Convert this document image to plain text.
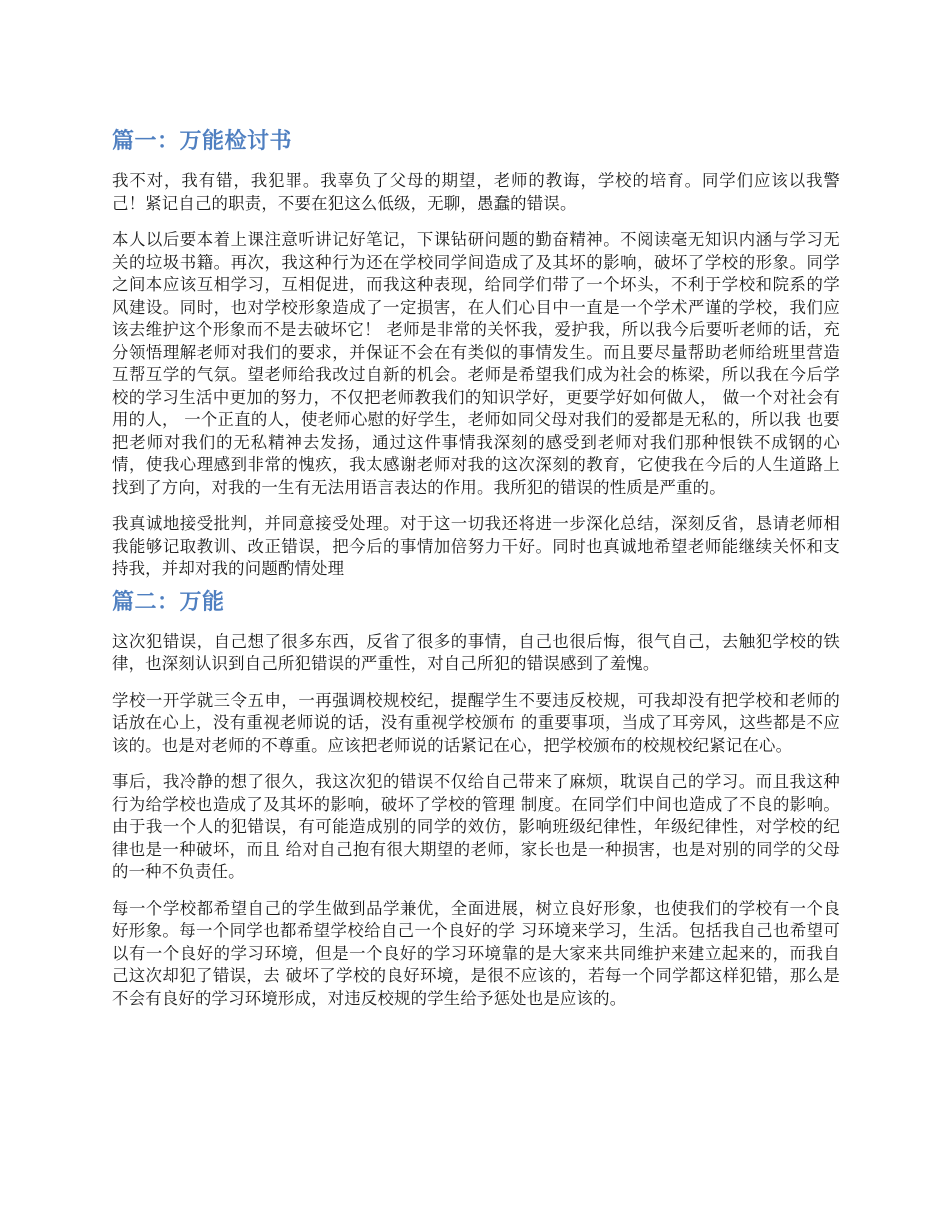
篇一：万能检讨书

我不对，我有错，我犯罪。我辜负了父母的期望，老师的教诲，学校的培育。同学们应该以我警己！紧记自己的职责，不要在犯这么低级，无聊，愚蠢的错误。

本人以后要本着上课注意听讲记好笔记，下课钻研问题的勤奋精神。不阅读毫无知识内涵与学习无关的垃圾书籍。再次，我这种行为还在学校同学间造成了及其坏的影响，破坏了学校的形象。同学之间本应该互相学习，互相促进，而我这种表现，给同学们带了一个坏头，不利于学校和院系的学风建设。同时，也对学校形象造成了一定损害，在人们心目中一直是一个学术严谨的学校，我们应该去维护这个形象而不是去破坏它！ 老师是非常的关怀我，爱护我，所以我今后要听老师的话，充分领悟理解老师对我们的要求，并保证不会在有类似的事情发生。而且要尽量帮助老师给班里营造互帮互学的气氛。望老师给我改过自新的机会。老师是希望我们成为社会的栋梁，所以我在今后学校的学习生活中更加的努力，不仅把老师教我们的知识学好，更要学好如何做人， 做一个对社会有用的人， 一个正直的人，使老师心慰的好学生，老师如同父母对我们的爱都是无私的，所以我 也要把老师对我们的无私精神去发扬，通过这件事情我深刻的感受到老师对我们那种恨铁不成钢的心情，使我心理感到非常的愧疚，我太感谢老师对我的这次深刻的教育，它使我在今后的人生道路上找到了方向，对我的一生有无法用语言表达的作用。我所犯的错误的性质是严重的。

我真诚地接受批判，并同意接受处理。对于这一切我还将进一步深化总结，深刻反省，恳请老师相我能够记取教训、改正错误，把今后的事情加倍努力干好。同时也真诚地希望老师能继续关怀和支持我，并却对我的问题酌情处理

篇二：万能

这次犯错误，自己想了很多东西，反省了很多的事情，自己也很后悔，很气自己，去触犯学校的铁律，也深刻认识到自己所犯错误的严重性，对自己所犯的错误感到了羞愧。

学校一开学就三令五申，一再强调校规校纪，提醒学生不要违反校规，可我却没有把学校和老师的话放在心上，没有重视老师说的话，没有重视学校颁布 的重要事项，当成了耳旁风，这些都是不应该的。也是对老师的不尊重。应该把老师说的话紧记在心，把学校颁布的校规校纪紧记在心。

事后，我冷静的想了很久，我这次犯的错误不仅给自己带来了麻烦，耽误自己的学习。而且我这种行为给学校也造成了及其坏的影响，破坏了学校的管理 制度。在同学们中间也造成了不良的影响。由于我一个人的犯错误，有可能造成别的同学的效仿，影响班级纪律性，年级纪律性，对学校的纪律也是一种破坏，而且 给对自己抱有很大期望的老师，家长也是一种损害，也是对别的同学的父母的一种不负责任。

每一个学校都希望自己的学生做到品学兼优，全面进展，树立良好形象，也使我们的学校有一个良好形象。每一个同学也都希望学校给自己一个良好的学 习环境来学习，生活。包括我自己也希望可以有一个良好的学习环境，但是一个良好的学习环境靠的是大家来共同维护来建立起来的，而我自己这次却犯了错误，去 破坏了学校的良好环境，是很不应该的，若每一个同学都这样犯错，那么是不会有良好的学习环境形成，对违反校规的学生给予惩处也是应该的。
